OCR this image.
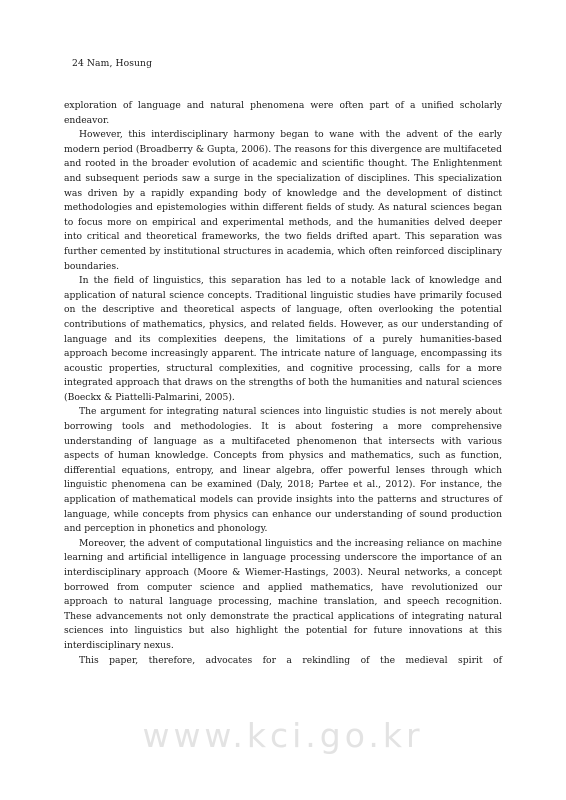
24 Nam, Hosung

exploration of language and natural phenomena were often part of a unified scholarly endeavor.

However, this interdisciplinary harmony began to wane with the advent of the early modern period (Broadberry & Gupta, 2006). The reasons for this divergence are multifaceted and rooted in the broader evolution of academic and scientific thought. The Enlightenment and subsequent periods saw a surge in the specialization of disciplines. This specialization was driven by a rapidly expanding body of knowledge and the development of distinct methodologies and epistemologies within different fields of study. As natural sciences began to focus more on empirical and experimental methods, and the humanities delved deeper into critical and theoretical frameworks, the two fields drifted apart. This separation was further cemented by institutional structures in academia, which often reinforced disciplinary boundaries.

In the field of linguistics, this separation has led to a notable lack of knowledge and application of natural science concepts. Traditional linguistic studies have primarily focused on the descriptive and theoretical aspects of language, often overlooking the potential contributions of mathematics, physics, and related fields. However, as our understanding of language and its complexities deepens, the limitations of a purely humanities-based approach become increasingly apparent. The intricate nature of language, encompassing its acoustic properties, structural complexities, and cognitive processing, calls for a more integrated approach that draws on the strengths of both the humanities and natural sciences (Boeckx & Piattelli-Palmarini, 2005).

The argument for integrating natural sciences into linguistic studies is not merely about borrowing tools and methodologies. It is about fostering a more comprehensive understanding of language as a multifaceted phenomenon that intersects with various aspects of human knowledge. Concepts from physics and mathematics, such as function, differential equations, entropy, and linear algebra, offer powerful lenses through which linguistic phenomena can be examined (Daly, 2018; Partee et al., 2012). For instance, the application of mathematical models can provide insights into the patterns and structures of language, while concepts from physics can enhance our understanding of sound production and perception in phonetics and phonology.

Moreover, the advent of computational linguistics and the increasing reliance on machine learning and artificial intelligence in language processing underscore the importance of an interdisciplinary approach (Moore & Wiemer-Hastings, 2003). Neural networks, a concept borrowed from computer science and applied mathematics, have revolutionized our approach to natural language processing, machine translation, and speech recognition. These advancements not only demonstrate the practical applications of integrating natural sciences into linguistics but also highlight the potential for future innovations at this interdisciplinary nexus.

This paper, therefore, advocates for a rekindling of the medieval spirit of

www.kci.go.kr
